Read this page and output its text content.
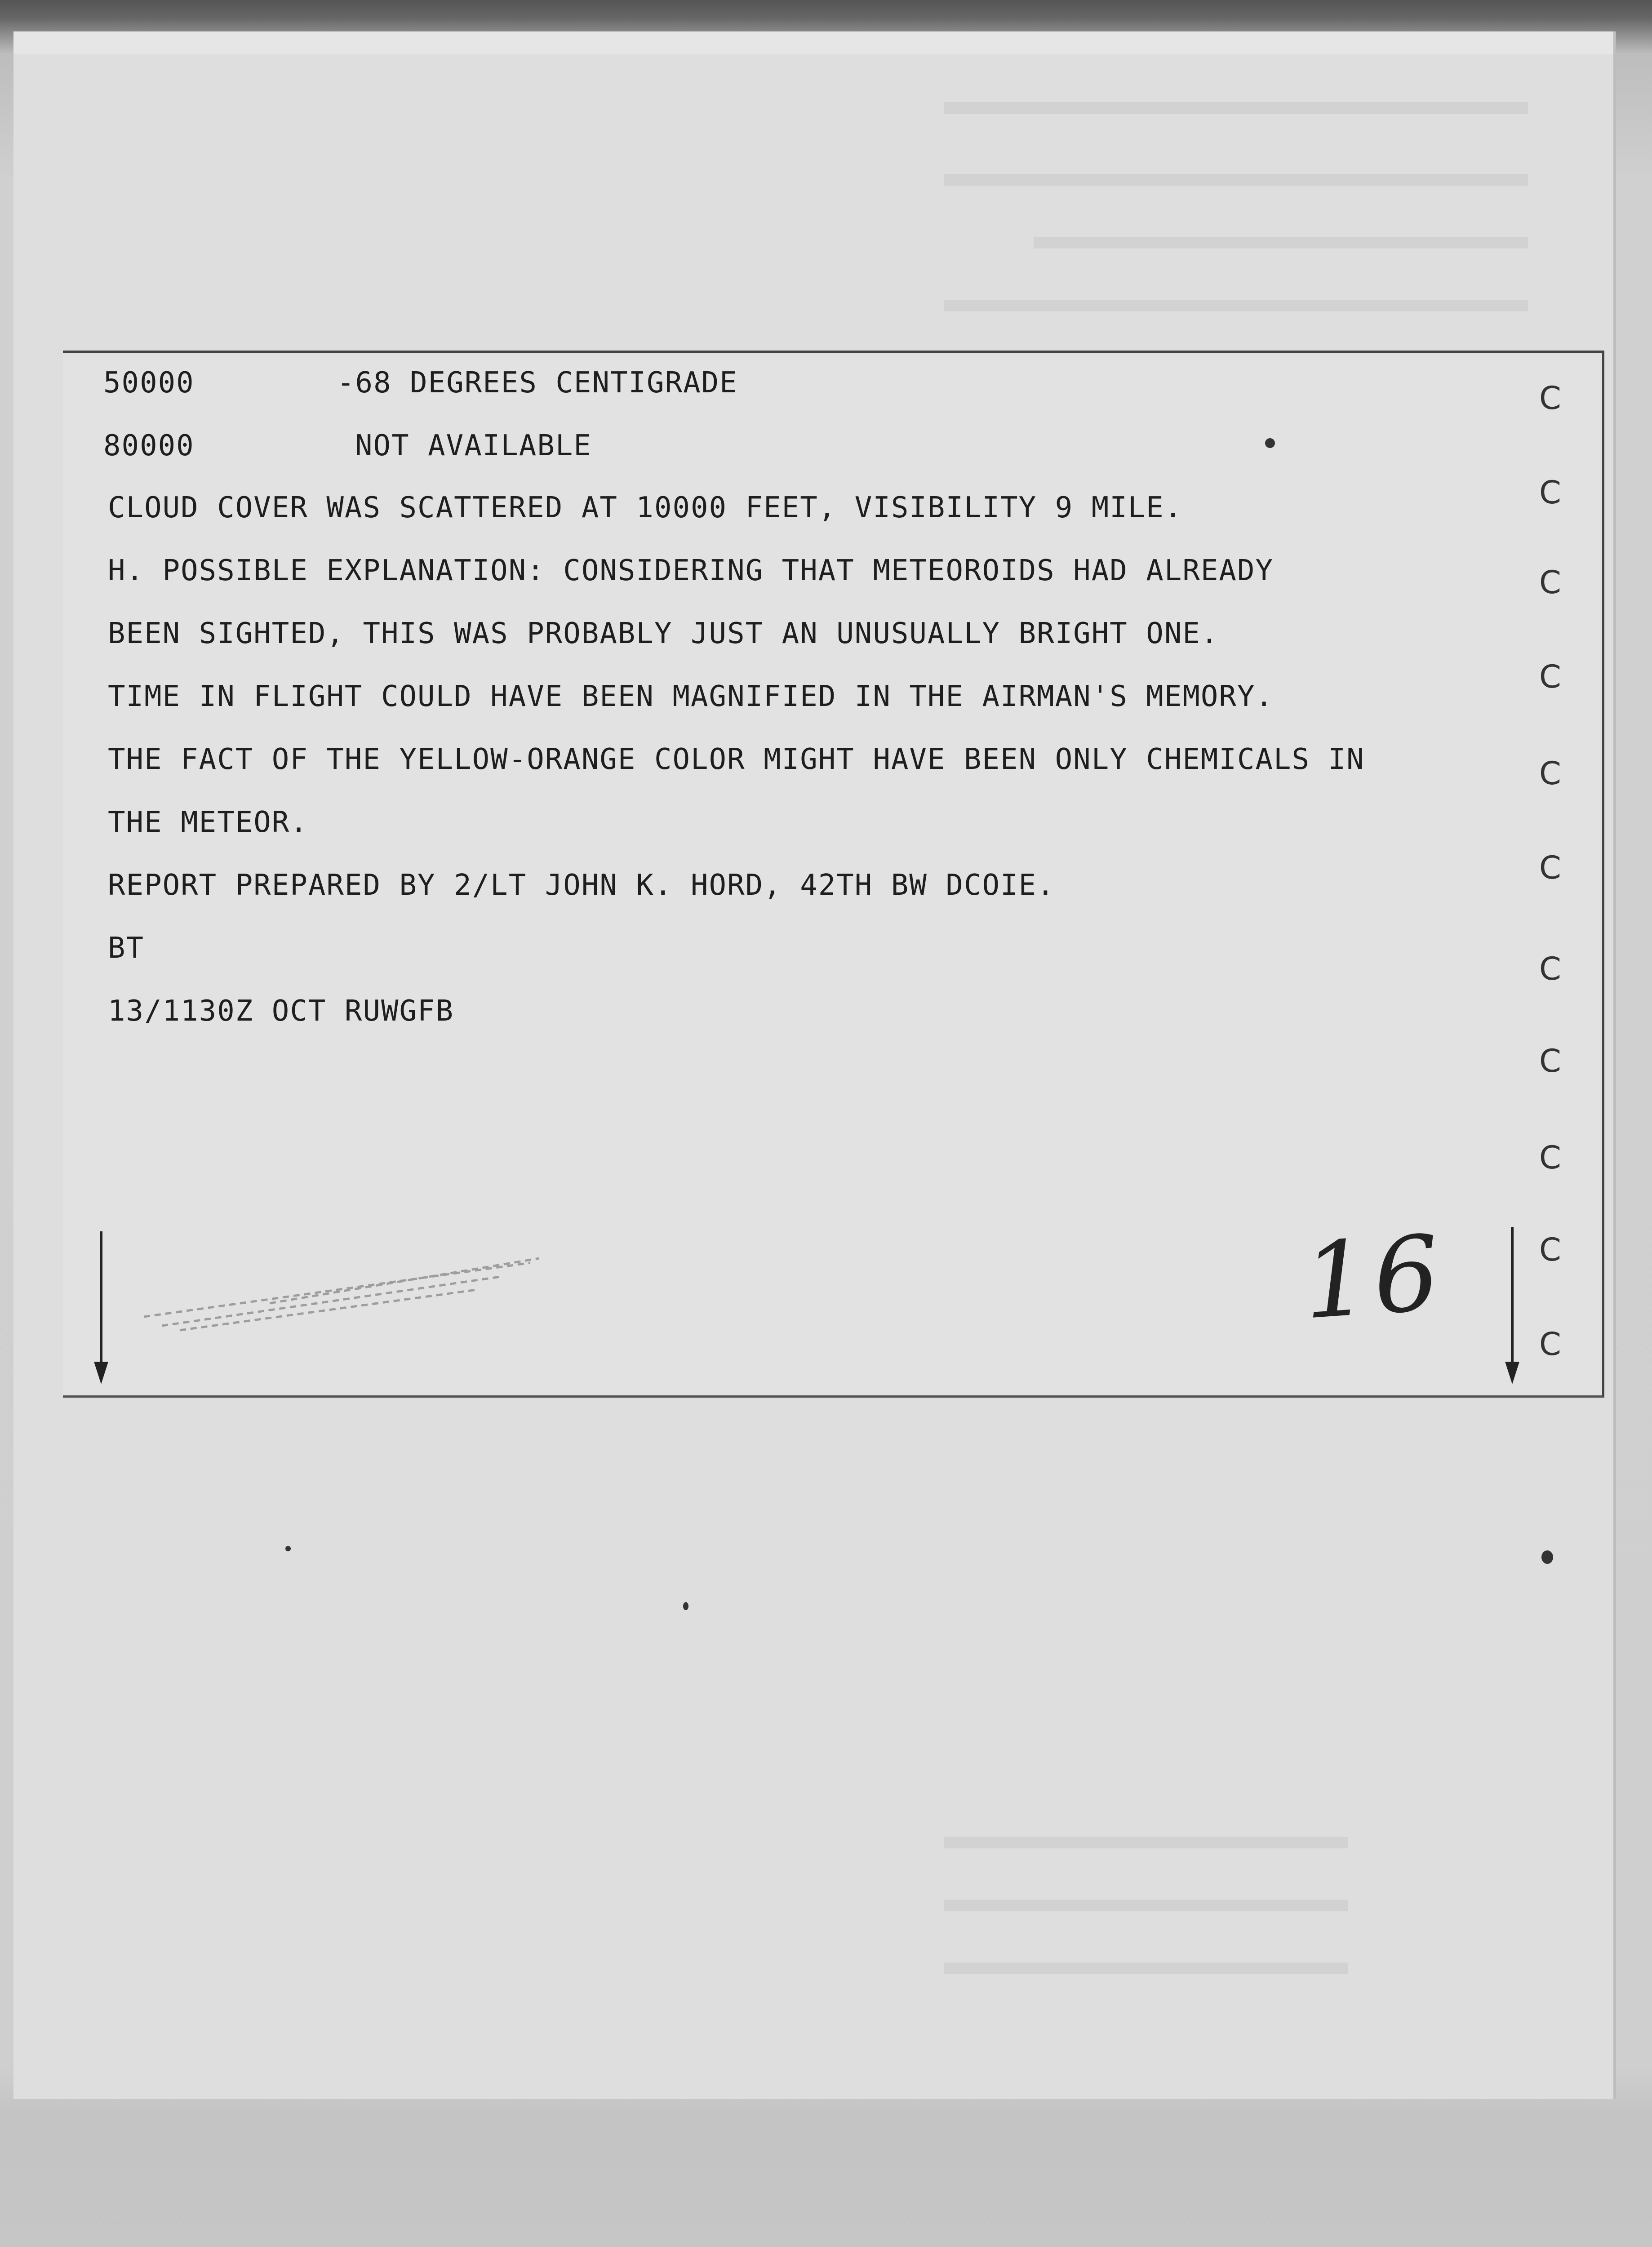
50000	-68 DEGREES CENTIGRADE
80000	NOT AVAILABLE
CLOUD COVER WAS SCATTERED AT 10000 FEET, VISIBILITY 9 MILE.
H. POSSIBLE EXPLANATION: CONSIDERING THAT METEOROIDS HAD ALREADY
BEEN SIGHTED, THIS WAS PROBABLY JUST AN UNUSUALLY BRIGHT ONE.
TIME IN FLIGHT COULD HAVE BEEN MAGNIFIED IN THE AIRMAN'S MEMORY.
THE FACT OF THE YELLOW-ORANGE COLOR MIGHT HAVE BEEN ONLY CHEMICALS IN
THE METEOR.
REPORT PREPARED BY 2/LT JOHN K. HORD, 42TH BW DCOIE.
BT
13/1130Z OCT RUWGFB
C
C
C
C
C
C
C
C
C
C
C
16
